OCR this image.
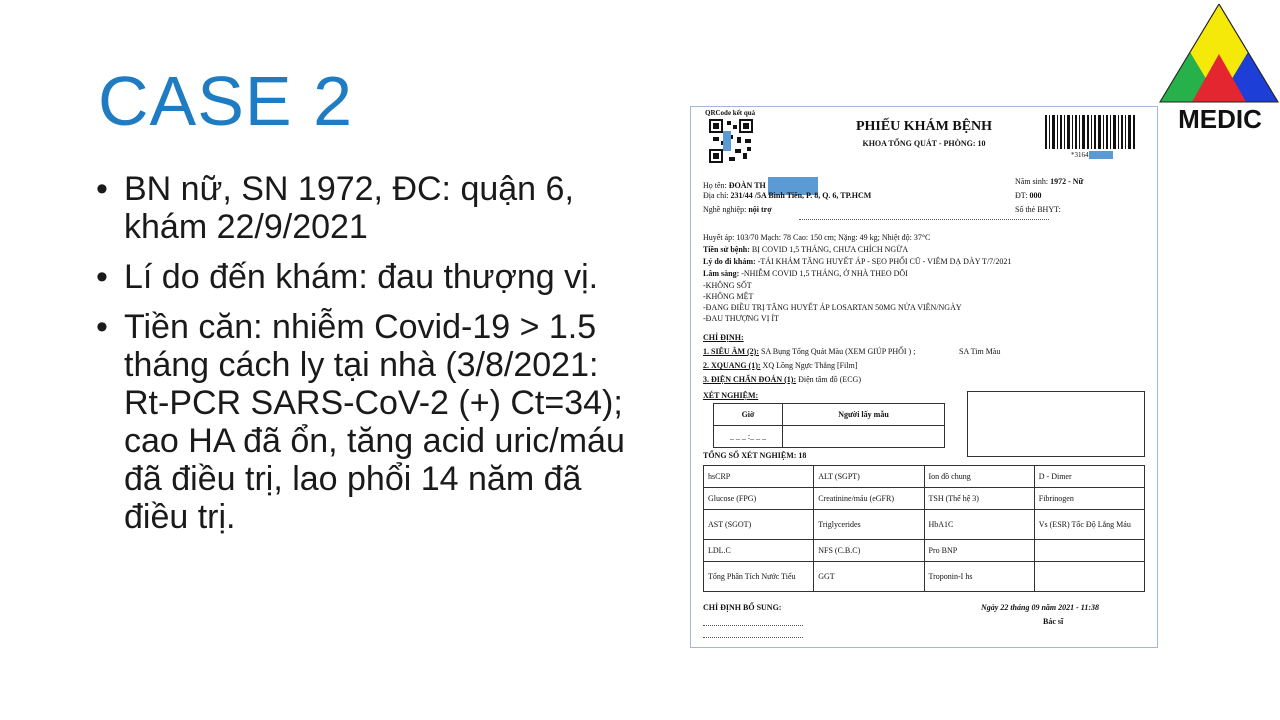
CASE 2
• BN nữ, SN 1972, ĐC: quận 6, khám 22/9/2021
• Lí do đến khám: đau thượng vị.
• Tiền căn: nhiễm Covid-19 > 1.5 tháng cách ly tại nhà (3/8/2021: Rt-PCR SARS-CoV-2 (+) Ct=34); cao HA đã ổn, tăng acid uric/máu đã điều trị, lao phổi 14 năm đã điều trị.
MEDIC
QRCode kết quả
PHIẾU KHÁM BỆNH
KHOA TỔNG QUÁT - PHÒNG: 10
*3164
Họ tên: ĐOÀN TH	Năm sinh: 1972 - Nữ
Địa chỉ: 231/44 /5A Bình Tiên, P. 8, Q. 6, TP.HCM	ĐT: 000
Nghề nghiệp: nội trợ	Số thẻ BHYT:
Huyết áp: 103/70 Mạch: 78 Cao: 150 cm; Nặng: 49 kg; Nhiệt độ: 37°C
Tiền sử bệnh: BỊ COVID 1,5 THÁNG, CHƯA CHÍCH NGỪA
Lý do đi khám: -TÁI KHÁM TĂNG HUYẾT ÁP - SẸO PHỔI CŨ - VIÊM DẠ DÀY T/7/2021
Lâm sàng: -NHIỄM COVID 1,5 THÁNG, Ở NHÀ THEO DÕI
-KHÔNG SỐT
-KHÔNG MỆT
-ĐANG ĐIỀU TRỊ TĂNG HUYẾT ÁP LOSARTAN 50MG NỬA VIÊN/NGÀY
-ĐAU THƯỢNG VỊ ÍT
CHỈ ĐỊNH:
1. SIÊU ÂM (2): SA Bụng Tổng Quát Màu (XEM GIÚP PHỔI ) ;	SA Tim Màu
2. XQUANG (1): XQ Lồng Ngực Thẳng [Film]
3. ĐIỆN CHẨN ĐOÁN (1): Điện tâm đồ (ECG)
XÉT NGHIỆM:
Giờ	Người lấy mẫu
_ _ _ :_ _ _	
TỔNG SỐ XÉT NGHIỆM: 18
hsCRP	ALT (SGPT)	Ion đồ chung	D - Dimer
Glucose (FPG)	Creatinine/máu (eGFR)	TSH (Thế hệ 3)	Fibrinogen
AST (SGOT)	Triglycerides	HbA1C	Vs (ESR) Tốc Độ Lắng Máu
LDL.C	NFS (C.B.C)	Pro BNP	
Tổng Phân Tích Nước Tiểu	GGT	Troponin-I hs	
CHỈ ĐỊNH BỔ SUNG:	Ngày 22 tháng 09 năm 2021 - 11:38
Bác sĩ
